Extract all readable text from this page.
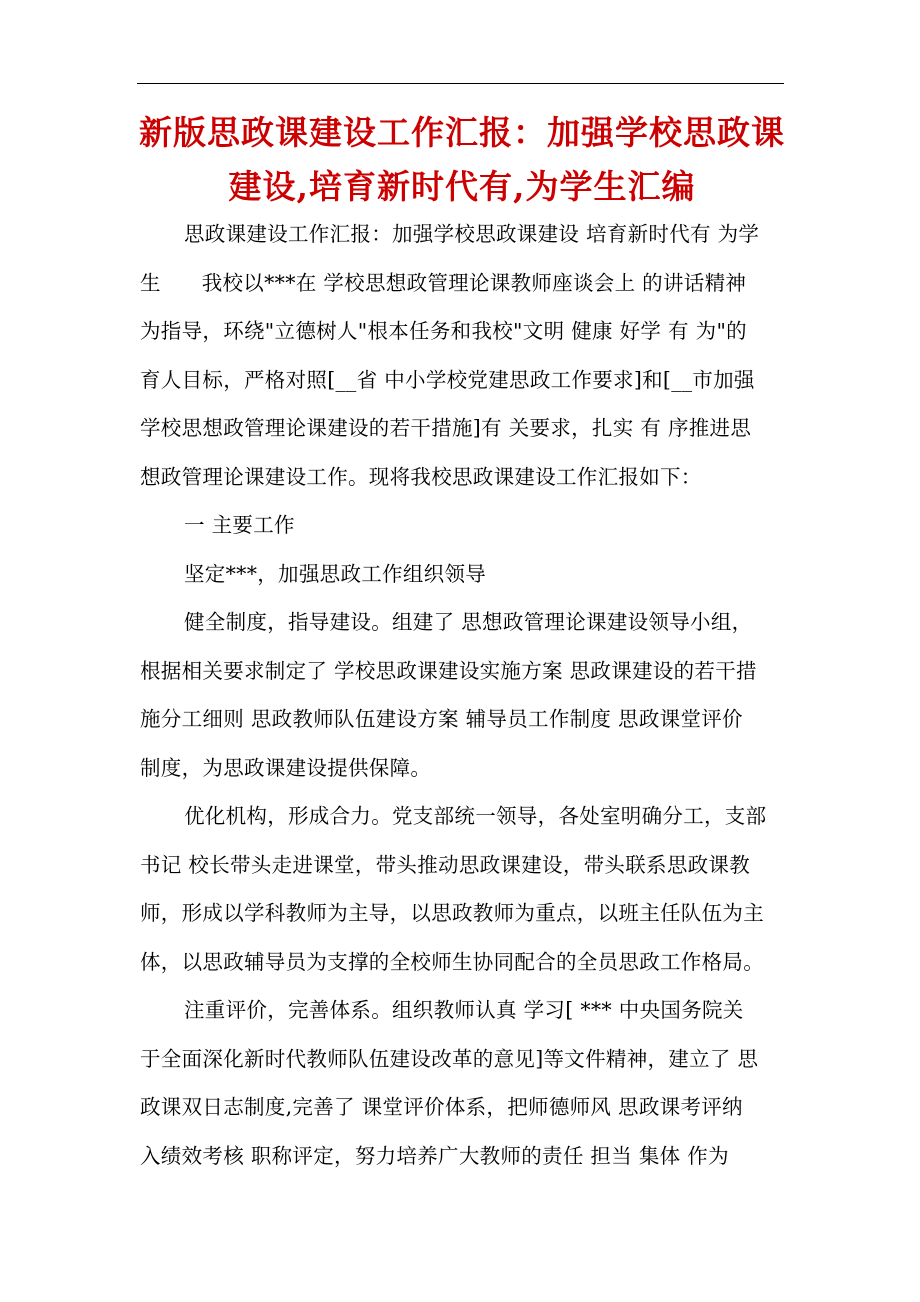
新版思政课建设工作汇报：加强学校思政课
建设,培育新时代有,为学生汇编
思政课建设工作汇报：加强学校思政课建设 培育新时代有 为学
生      我校以***在 学校思想政管理论课教师座谈会上 的讲话精神
为指导，环绕"立德树人"根本任务和我校"文明 健康 好学 有 为"的
育人目标，严格对照[__省 中小学校党建思政工作要求]和[__市加强
学校思想政管理论课建设的若干措施]有 关要求，扎实 有 序推进思
想政管理论课建设工作。现将我校思政课建设工作汇报如下：
一 主要工作
坚定***，加强思政工作组织领导
健全制度，指导建设。组建了 思想政管理论课建设领导小组，
根据相关要求制定了 学校思政课建设实施方案 思政课建设的若干措
施分工细则 思政教师队伍建设方案 辅导员工作制度 思政课堂评价
制度，为思政课建设提供保障。
优化机构，形成合力。党支部统一领导，各处室明确分工，支部
书记 校长带头走进课堂，带头推动思政课建设，带头联系思政课教
师，形成以学科教师为主导，以思政教师为重点，以班主任队伍为主
体，以思政辅导员为支撑的全校师生协同配合的全员思政工作格局。
注重评价，完善体系。组织教师认真 学习[ *** 中央国务院关
于全面深化新时代教师队伍建设改革的意见]等文件精神，建立了 思
政课双日志制度,完善了 课堂评价体系，把师德师风 思政课考评纳
入绩效考核 职称评定，努力培养广大教师的责任 担当 集体 作为
